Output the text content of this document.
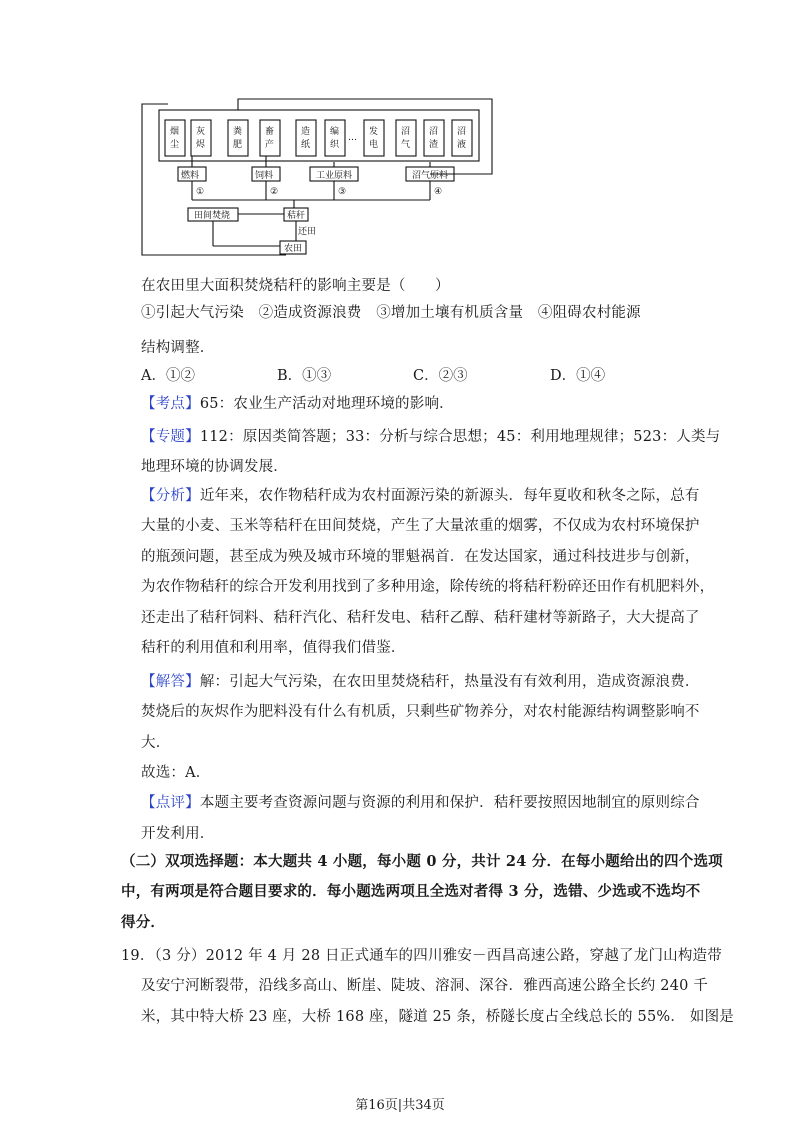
烟
尘
灰
烬
粪
肥
畜
产
造
纸
编
织
…
发
电
沼
气
沼
渣
沼
液
燃料	饲料	工业原料	沼气原料
①	②	③	④
田间焚烧	秸秆
还田
农田
在农田里大面积焚烧秸秆的影响主要是（　　）
①引起大气污染　②造成资源浪费　③增加土壤有机质含量　④阻碍农村能源
结构调整．
A．①②	B．①③	C．②③	D．①④
【考点】65：农业生产活动对地理环境的影响．
【专题】112：原因类简答题；33：分析与综合思想；45：利用地理规律；523：人类与
地理环境的协调发展．
【分析】近年来，农作物秸秆成为农村面源污染的新源头．每年夏收和秋冬之际，总有
大量的小麦、玉米等秸秆在田间焚烧，产生了大量浓重的烟雾，不仅成为农村环境保护
的瓶颈问题，甚至成为殃及城市环境的罪魁祸首．在发达国家，通过科技进步与创新，
为农作物秸秆的综合开发利用找到了多种用途，除传统的将秸秆粉碎还田作有机肥料外，
还走出了秸秆饲料、秸秆汽化、秸秆发电、秸秆乙醇、秸秆建材等新路子，大大提高了
秸秆的利用值和利用率，值得我们借鉴．
【解答】解：引起大气污染，在农田里焚烧秸秆，热量没有有效利用，造成资源浪费．
焚烧后的灰烬作为肥料没有什么有机质，只剩些矿物养分，对农村能源结构调整影响不
大．
故选：A．
【点评】本题主要考查资源问题与资源的利用和保护．秸秆要按照因地制宜的原则综合
开发利用．
（二）双项选择题：本大题共 4 小题，每小题 0 分，共计 24 分．在每小题给出的四个选项
中，有两项是符合题目要求的．每小题选两项且全选对者得 3 分，选错、少选或不选均不
得分．
19．（3 分）2012 年 4 月 28 日正式通车的四川雅安－西昌高速公路，穿越了龙门山构造带
及安宁河断裂带，沿线多高山、断崖、陡坡、溶洞、深谷．雅西高速公路全长约 240 千
米，其中特大桥 23 座，大桥 168 座，隧道 25 条，桥隧长度占全线总长的 55%． 如图是
第16页|共34页
